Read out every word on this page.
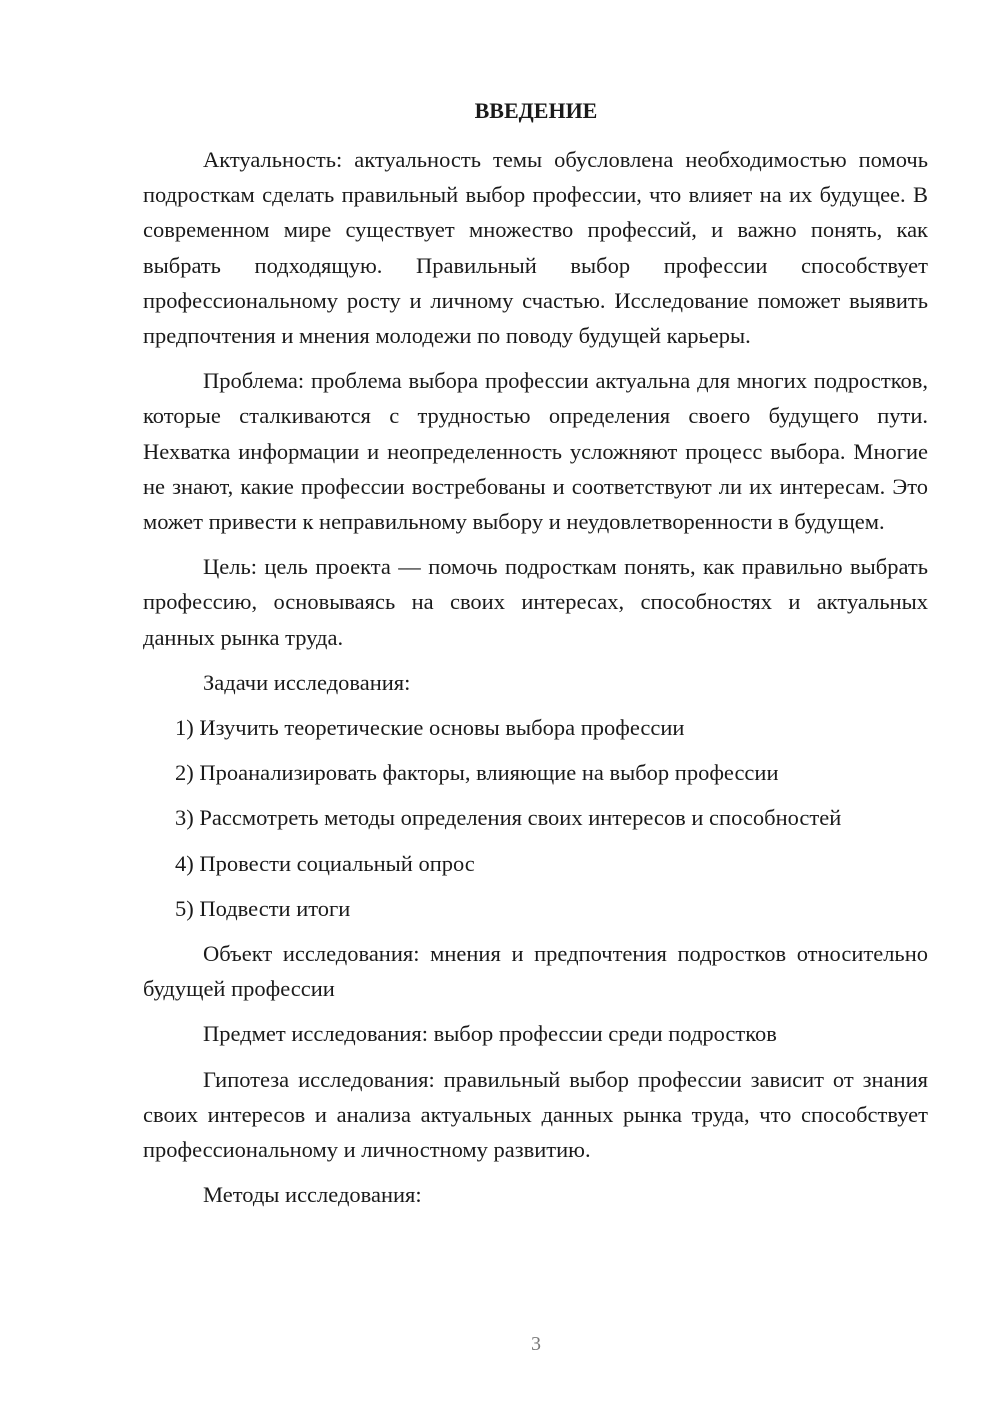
ВВЕДЕНИЕ

Актуальность: актуальность темы обусловлена необходимостью помочь подросткам сделать правильный выбор профессии, что влияет на их будущее. В современном мире существует множество профессий, и важно понять, как выбрать подходящую. Правильный выбор профессии способствует профессиональному росту и личному счастью. Исследование поможет выявить предпочтения и мнения молодежи по поводу будущей карьеры.

Проблема: проблема выбора профессии актуальна для многих подростков, которые сталкиваются с трудностью определения своего будущего пути. Нехватка информации и неопределенность усложняют процесс выбора. Многие не знают, какие профессии востребованы и соответствуют ли их интересам. Это может привести к неправильному выбору и неудовлетворенности в будущем.

Цель: цель проекта — помочь подросткам понять, как правильно выбрать профессию, основываясь на своих интересах, способностях и актуальных данных рынка труда.

Задачи исследования:

1) Изучить теоретические основы выбора профессии
2) Проанализировать факторы, влияющие на выбор профессии
3) Рассмотреть методы определения своих интересов и способностей
4) Провести социальный опрос
5) Подвести итоги

Объект исследования: мнения и предпочтения подростков относительно будущей профессии

Предмет исследования: выбор профессии среди подростков

Гипотеза исследования: правильный выбор профессии зависит от знания своих интересов и анализа актуальных данных рынка труда, что способствует профессиональному и личностному развитию.

Методы исследования:

3
